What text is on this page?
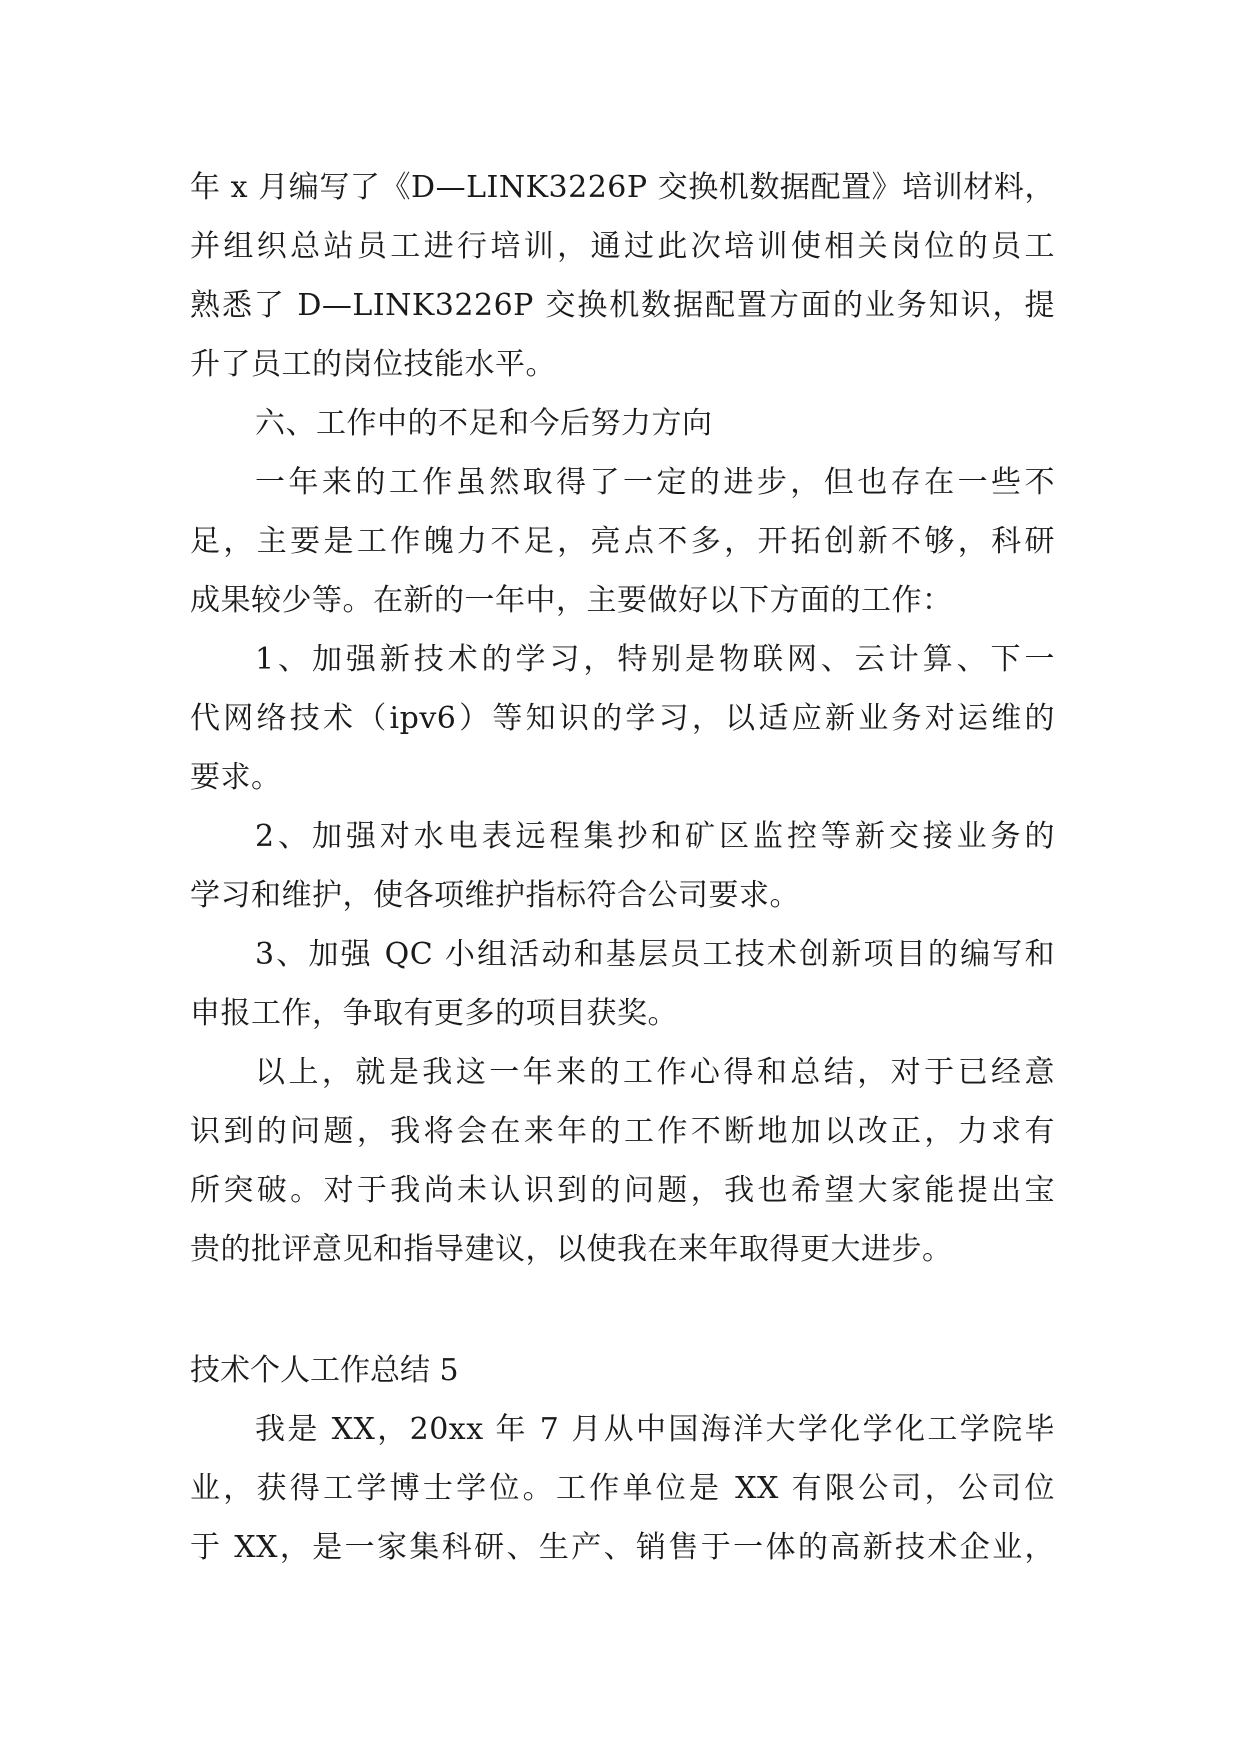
年 x 月编写了《D—LINK3226P 交换机数据配置》培训材料，
并组织总站员工进行培训，通过此次培训使相关岗位的员工
熟悉了 D—LINK3226P 交换机数据配置方面的业务知识，提
升了员工的岗位技能水平。
六、工作中的不足和今后努力方向
一年来的工作虽然取得了一定的进步，但也存在一些不
足，主要是工作魄力不足，亮点不多，开拓创新不够，科研
成果较少等。在新的一年中，主要做好以下方面的工作：
1、加强新技术的学习，特别是物联网、云计算、下一
代网络技术（ipv6）等知识的学习，以适应新业务对运维的
要求。
2、加强对水电表远程集抄和矿区监控等新交接业务的
学习和维护，使各项维护指标符合公司要求。
3、加强 QC 小组活动和基层员工技术创新项目的编写和
申报工作，争取有更多的项目获奖。
以上，就是我这一年来的工作心得和总结，对于已经意
识到的问题，我将会在来年的工作不断地加以改正，力求有
所突破。对于我尚未认识到的问题，我也希望大家能提出宝
贵的批评意见和指导建议，以使我在来年取得更大进步。
技术个人工作总结 5
我是 XX，20xx 年 7 月从中国海洋大学化学化工学院毕
业，获得工学博士学位。工作单位是 XX 有限公司，公司位
于 XX，是一家集科研、生产、销售于一体的高新技术企业，
